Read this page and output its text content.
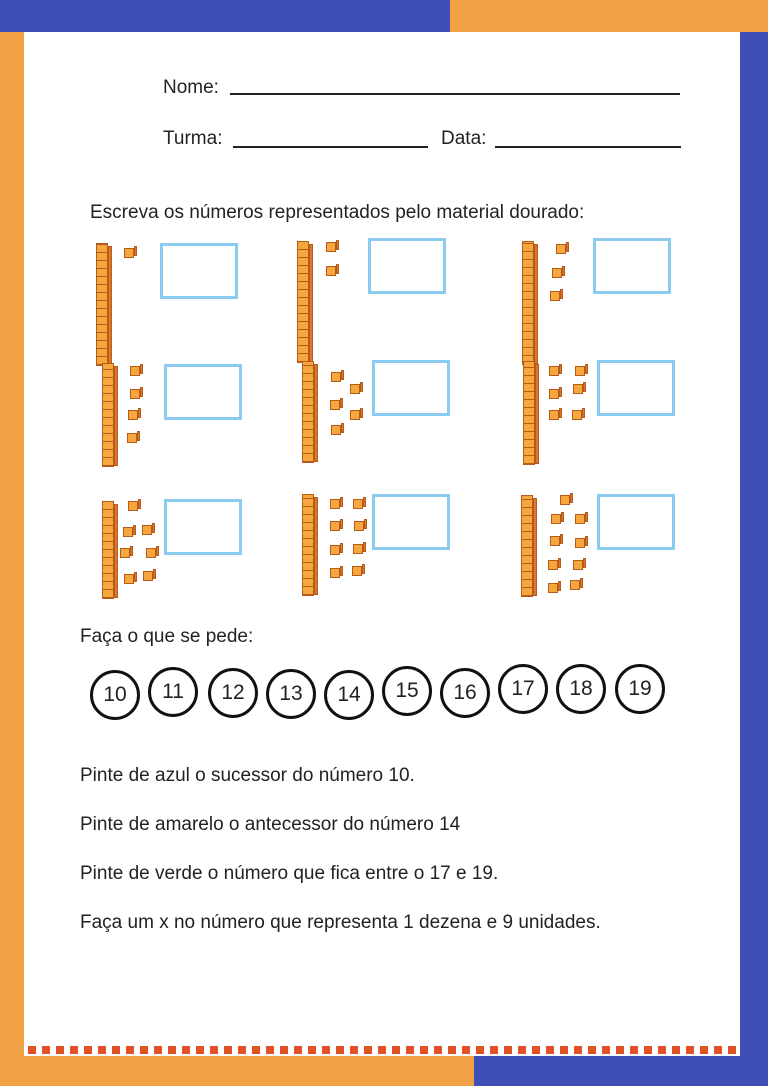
Nome:
Turma:	Data:
Escreva os números representados pelo material dourado:
Faça o que se pede:
10	11	12	13	14	15	16	17	18	19
Pinte de azul o sucessor do número 10.
Pinte de amarelo o antecessor do número 14
Pinte de verde o número que fica entre o 17 e 19.
Faça um x no número que representa 1 dezena e 9 unidades.
